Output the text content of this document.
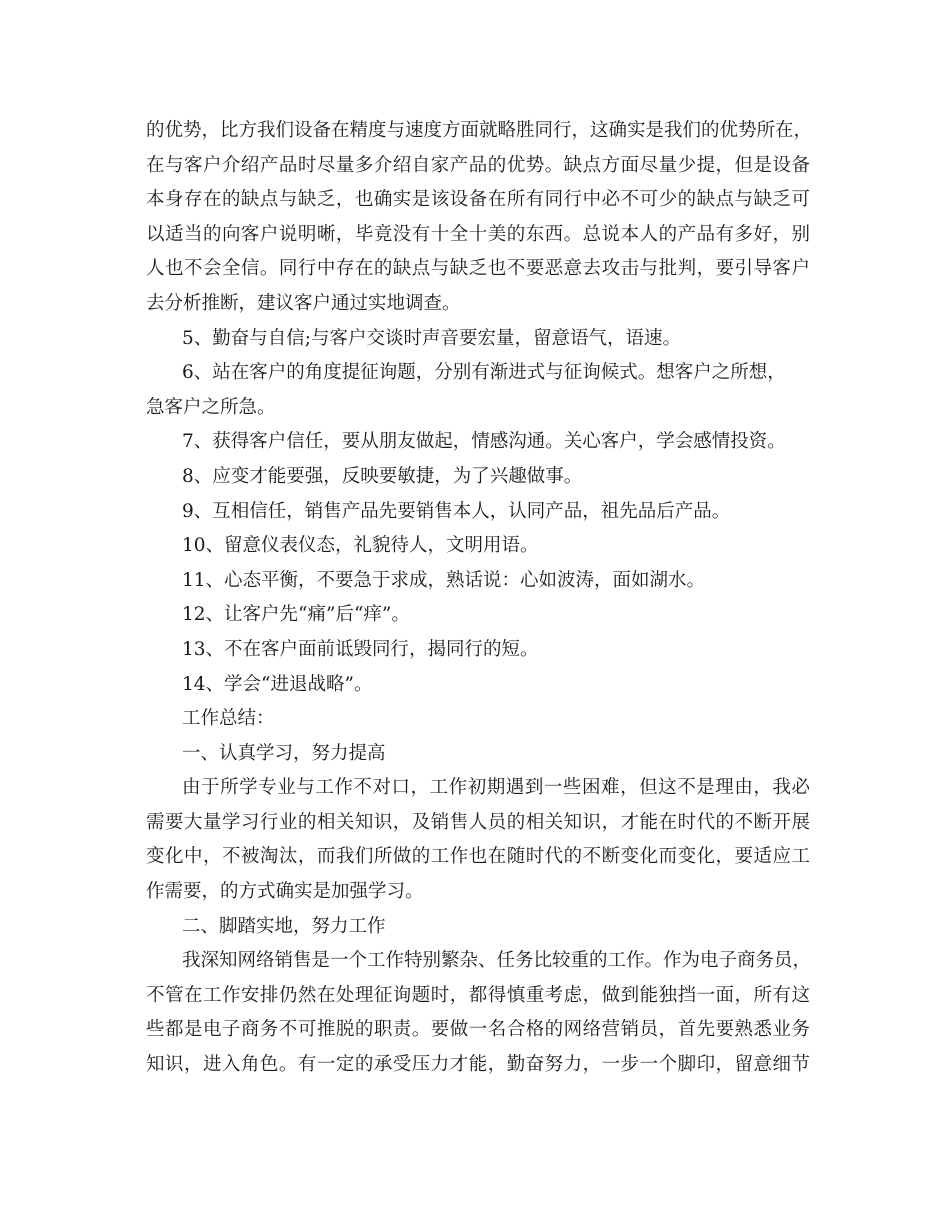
的优势，比方我们设备在精度与速度方面就略胜同行，这确实是我们的优势所在，
在与客户介绍产品时尽量多介绍自家产品的优势。缺点方面尽量少提，但是设备
本身存在的缺点与缺乏，也确实是该设备在所有同行中必不可少的缺点与缺乏可
以适当的向客户说明晰，毕竟没有十全十美的东西。总说本人的产品有多好，别
人也不会全信。同行中存在的缺点与缺乏也不要恶意去攻击与批判，要引导客户
去分析推断，建议客户通过实地调查。
5、勤奋与自信;与客户交谈时声音要宏量，留意语气，语速。
6、站在客户的角度提征询题，分别有渐进式与征询候式。想客户之所想，
急客户之所急。
7、获得客户信任，要从朋友做起，情感沟通。关心客户，学会感情投资。
8、应变才能要强，反映要敏捷，为了兴趣做事。
9、互相信任，销售产品先要销售本人，认同产品，祖先品后产品。
10、留意仪表仪态，礼貌待人，文明用语。
11、心态平衡，不要急于求成，熟话说：心如波涛，面如湖水。
12、让客户先“痛”后“痒”。
13、不在客户面前诋毁同行，揭同行的短。
14、学会“进退战略”。
工作总结：
一、认真学习，努力提高
由于所学专业与工作不对口，工作初期遇到一些困难，但这不是理由，我必
需要大量学习行业的相关知识，及销售人员的相关知识，才能在时代的不断开展
变化中，不被淘汰，而我们所做的工作也在随时代的不断变化而变化，要适应工
作需要，的方式确实是加强学习。
二、脚踏实地，努力工作
我深知网络销售是一个工作特别繁杂、任务比较重的工作。作为电子商务员，
不管在工作安排仍然在处理征询题时，都得慎重考虑，做到能独挡一面，所有这
些都是电子商务不可推脱的职责。要做一名合格的网络营销员，首先要熟悉业务
知识，进入角色。有一定的承受压力才能，勤奋努力，一步一个脚印，留意细节
